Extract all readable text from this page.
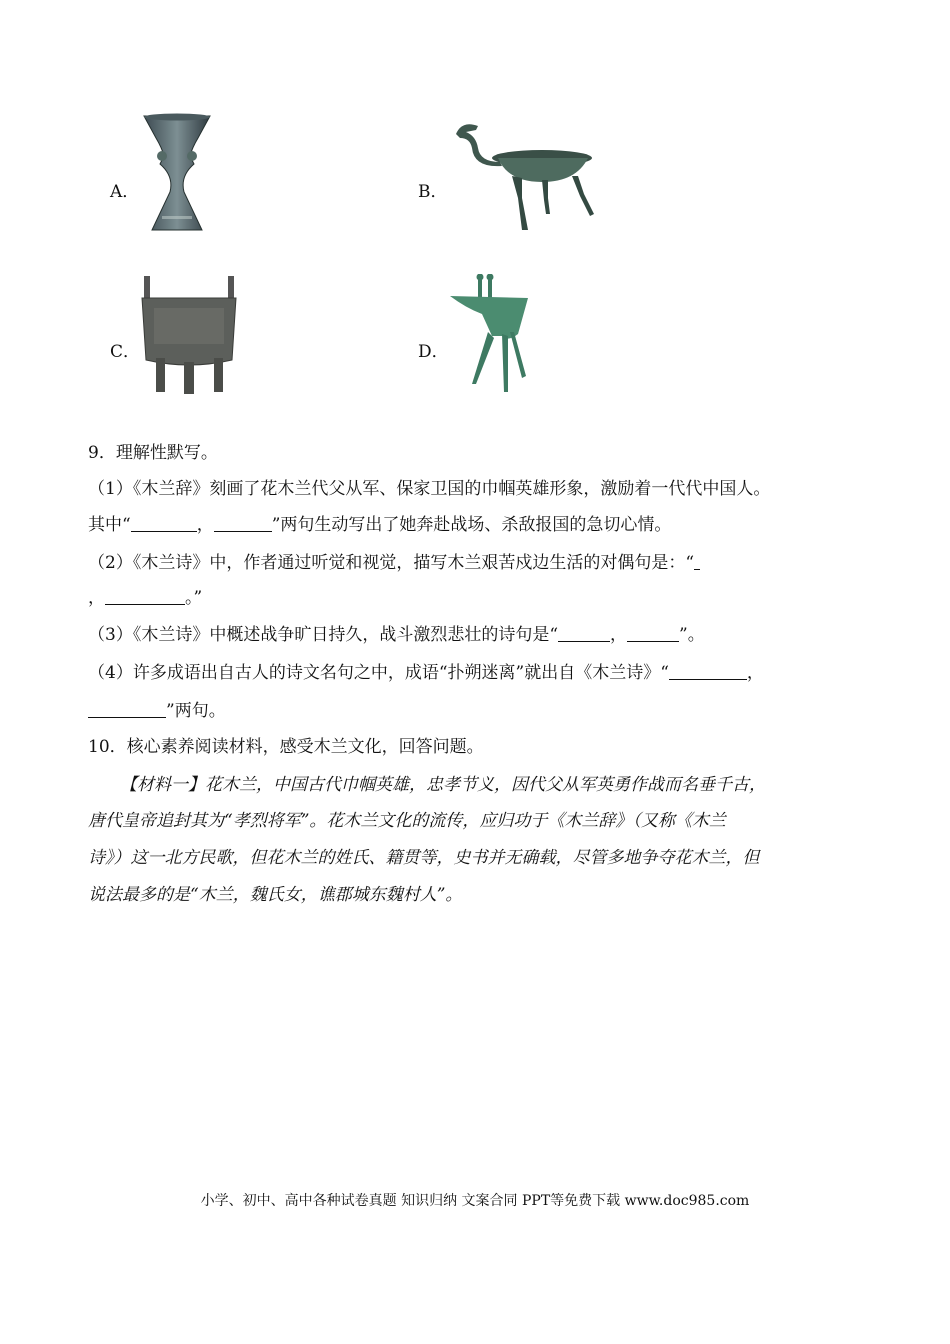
A．	B．
C．	D．
9．理解性默写。
（1）《木兰辞》刻画了花木兰代父从军、保家卫国的巾帼英雄形象，激励着一代代中国人。
其中“	，	”两句生动写出了她奔赴战场、杀敌报国的急切心情。
（2）《木兰诗》中，作者通过听觉和视觉，描写木兰艰苦戍边生活的对偶句是：“
，	。”
（3）《木兰诗》中概述战争旷日持久，战斗激烈悲壮的诗句是“	，	”。
（4）许多成语出自古人的诗文名句之中，成语“扑朔迷离”就出自《木兰诗》“	，
”两句。
10．核心素养阅读材料，感受木兰文化，回答问题。
【材料一】花木兰，中国古代巾帼英雄，忠孝节义，因代父从军英勇作战而名垂千古，
唐代皇帝追封其为“孝烈将军”。花木兰文化的流传，应归功于《木兰辞》（又称《木兰
诗》）这一北方民歌，但花木兰的姓氏、籍贯等，史书并无确载，尽管多地争夺花木兰，但
说法最多的是“木兰，魏氏女，谯郡城东魏村人”。
小学、初中、高中各种试卷真题 知识归纳 文案合同 PPT等免费下载 www.doc985.com
